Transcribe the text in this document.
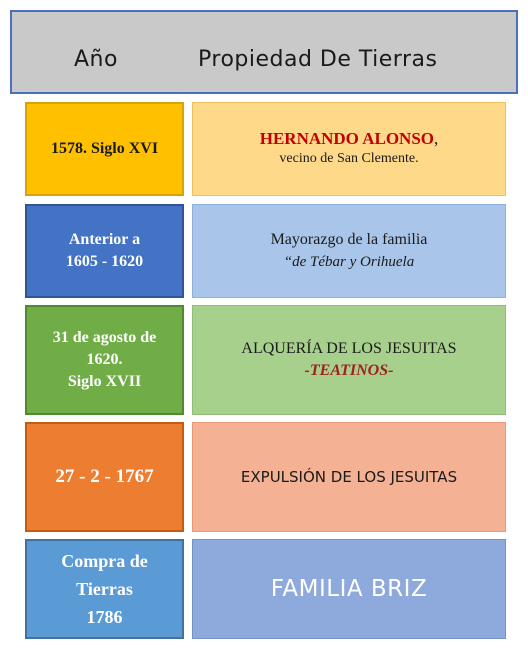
Año	Propiedad De Tierras
1578. Siglo XVI
HERNANDO ALONSO,
vecino de San Clemente.
Anterior a
1605 - 1620
Mayorazgo de la familia
“de Tébar y Orihuela
31 de agosto de
1620.
Siglo XVII
ALQUERÍA DE LOS JESUITAS
-TEATINOS-
27 - 2 - 1767	EXPULSIÓN DE LOS JESUITAS
Compra de
Tierras
1786
FAMILIA BRIZ
